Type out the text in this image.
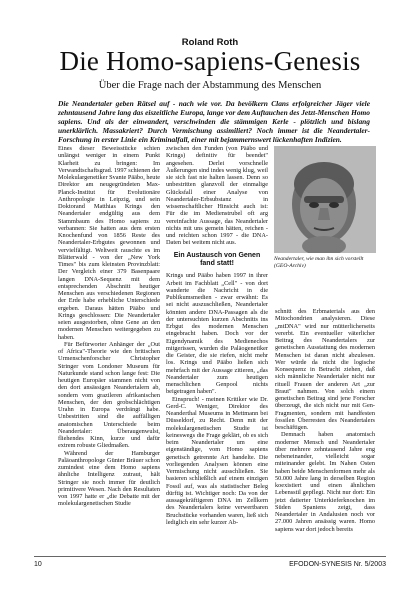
Roland Roth
Die Homo-sapiens-Genesis
Über die Frage nach der Abstammung des Menschen
Die Neandertaler geben Rätsel auf - nach wie vor. Da bevölkern Clans erfolgreicher Jäger viele zehntausend Jahre lang das eiszeitliche Europa, lange vor dem Auftauchen des Jetzt-Menschen Homo sapiens. Und als der einwandert, verschwinden die stämmigen Kerle - plötzlich und bislang unerklärlich. Massakriert? Durch Vermischung assimiliert? Noch immer ist die Neandertaler-Forschung in erster Linie ein Kriminalfall, einer mit bejammernswert lückenhaften Indizien.

Eines dieser Beweisstücke schien unlängst weniger in einem Punkt Klarheit zu bringen: Im Verwandtschaftsgrad. 1997 schienen der Molekulargenetiker Svante Pääbo, heute Direktor am neugegründeten Max-Planck-Institut für Evolutionäre Anthropologie in Leipzig, und sein Doktorand Matthias Krings den Neandertaler endgültig aus dem Stammbaum des Homo sapiens zu verbannen: Sie hatten aus dem ersten Knochenfund von 1856 Reste des Neandertaler-Erbgutes gewonnen und vervielfältigt. Weltweit rauschte es im Blätterwald - von der „New York Times" bis zum kleinsten Provinzblatt: Der Vergleich einer 379 Basenpaare langen DNA-Sequenz mit dem entsprechenden Abschnitt heutiger Menschen aus verschiedenen Regionen der Erde habe erhebliche Unterschiede ergeben. Daraus hätten Pääbo und Krings geschlossen: Die Neandertaler seien ausgestorben, ohne Gene an den modernen Menschen weitergegeben zu haben.

Für Befürworter Anhänger der „Out of Africa"-Theorie wie den britischen Urmenschenforscher Christopher Stringer vom Londoner Museum für Naturkunde stand schon lange fest: Die heutigen Europäer stammen nicht von den dort ansässigen Neandertalern ab, sondern vom grazileren afrikanischen Menschen, der den grobschlächtigen Urahn in Europa verdrängt habe. Unbestritten sind die auffälligen anatomischen Unterschiede beim Neandertaler: Überaugenwulst, fliehendes Kinn, kurze und dafür extrem robuste Gliedmaßen.

Während der Hamburger Paläoanthropologe Günter Bräuer schon zumindest eine dem Homo sapiens ähnliche Intelligenz zutraut, hält Stringer sie noch immer für deutlich primitivere Wesen. Nach den Resultaten von 1997 hatte er „die Debatte mit der molekulargenetischen Studie

zwischen den Funden (von Pääbo und Krings) definitiv für beendet" angesehen. Derlei vorschnelle Äußerungen sind indes wenig klug, weil sie sich fast nie halten lassen. Denn so unbestritten glanzvoll der einmalige Glücksfall einer Analyse von Neandertaler-Erbsubstanz in wissenschaftlicher Hinsicht auch ist: Für die im Medienstrubel oft arg vereinfachte Aussage, das Neandertaler nichts mit uns gemein hätten, reichen - und reichten schon 1997 - die DNA-Daten bei weitem nicht aus.

Ein Austausch von Genen fand statt!

Krings und Pääbo haben 1997 in ihrer Arbeit im Fachblatt „Cell" - von dort wanderte die Nachricht in die Publikumsmedien - zwar erwähnt: Es sei nicht auszuschließen, Neandertaler könnten andere DNA-Passagen als die der untersuchten kurzen Abschnitts ins Erbgut des modernen Menschen eingebracht haben. Doch vor der Eigendynamik des Medienechos mitgerissen, wurden die Paläogenetiker die Geister, die sie riefen, nicht mehr los. Krings und Pääbo ließen sich mehrfach mit der Aussage zitieren, „das Neandertaler zum heutigen menschlichen Genpool nichts beigetragen haben".

Einspruch! - meinen Kritiker wie Dr. Gerd-C. Weniger, Direktor des Neanderthal Museums in Mettmann bei Düsseldorf, zu Recht. Denn mit der molekulargenetischen Studie ist keineswegs die Frage geklärt, ob es sich beim Neandertaler um eine eigenständige, vom Homo sapiens genetisch getrennte Art handelte. Die vorliegenden Analysen können eine Vermischung nicht ausschließen. Sie basieren schließlich auf einem einzigen Fossil auf, was als statistischer Beleg dürftig ist. Wichtiger noch: Da von der aussagekräftigeren DNA im Zellkern des Neandertalers keine verwertbaren Bruchstücke vorhanden waren, ließ sich lediglich ein sehr kurzer Ab-

Neandertaler, wie man ihn sich vorstellt (GEO-Archiv)

schnitt des Erbmaterials aus den Mitochondrien analysieren. Diese „mtDNA" wird nur mütterlicherseits vererbt. Ein eventueller väterlicher Beitrag des Neandertalers zur genetischen Ausstattung des modernen Menschen ist daran nicht abzulesen. Wer würde da nicht die logische Konsequenz in Betracht ziehen, daß sich männliche Neandertaler nicht nur rituell Frauen der anderen Art „zur Braut" nahmen. Von solch einem genetischen Beitrag sind jene Forscher überzeugt, die sich nicht nur mit Gen-Fragmenten, sondern mit handfesten fossilen Überresten des Neandertalers beschäftigen.

Demnach haben anatomisch moderner Mensch und Neandertaler über mehrere zehntausend Jahre eng nebeneinander, vielleicht sogar miteinander gelebt. Im Nahen Osten haben beide Menschenformen mehr als 50.000 Jahre lang in derselben Region koexistiert und einen ähnlichen Lebensstil gepflegt. Nicht nur dort: Ein jetzt datierter Unterkieferknochen im Süden Spaniens zeigt, dass Neandertaler in Andalusien noch vor 27.000 Jahren ansässig waren. Homo sapiens war dort jedoch bereits

10	EFODON-SYNESIS Nr. 5/2003
